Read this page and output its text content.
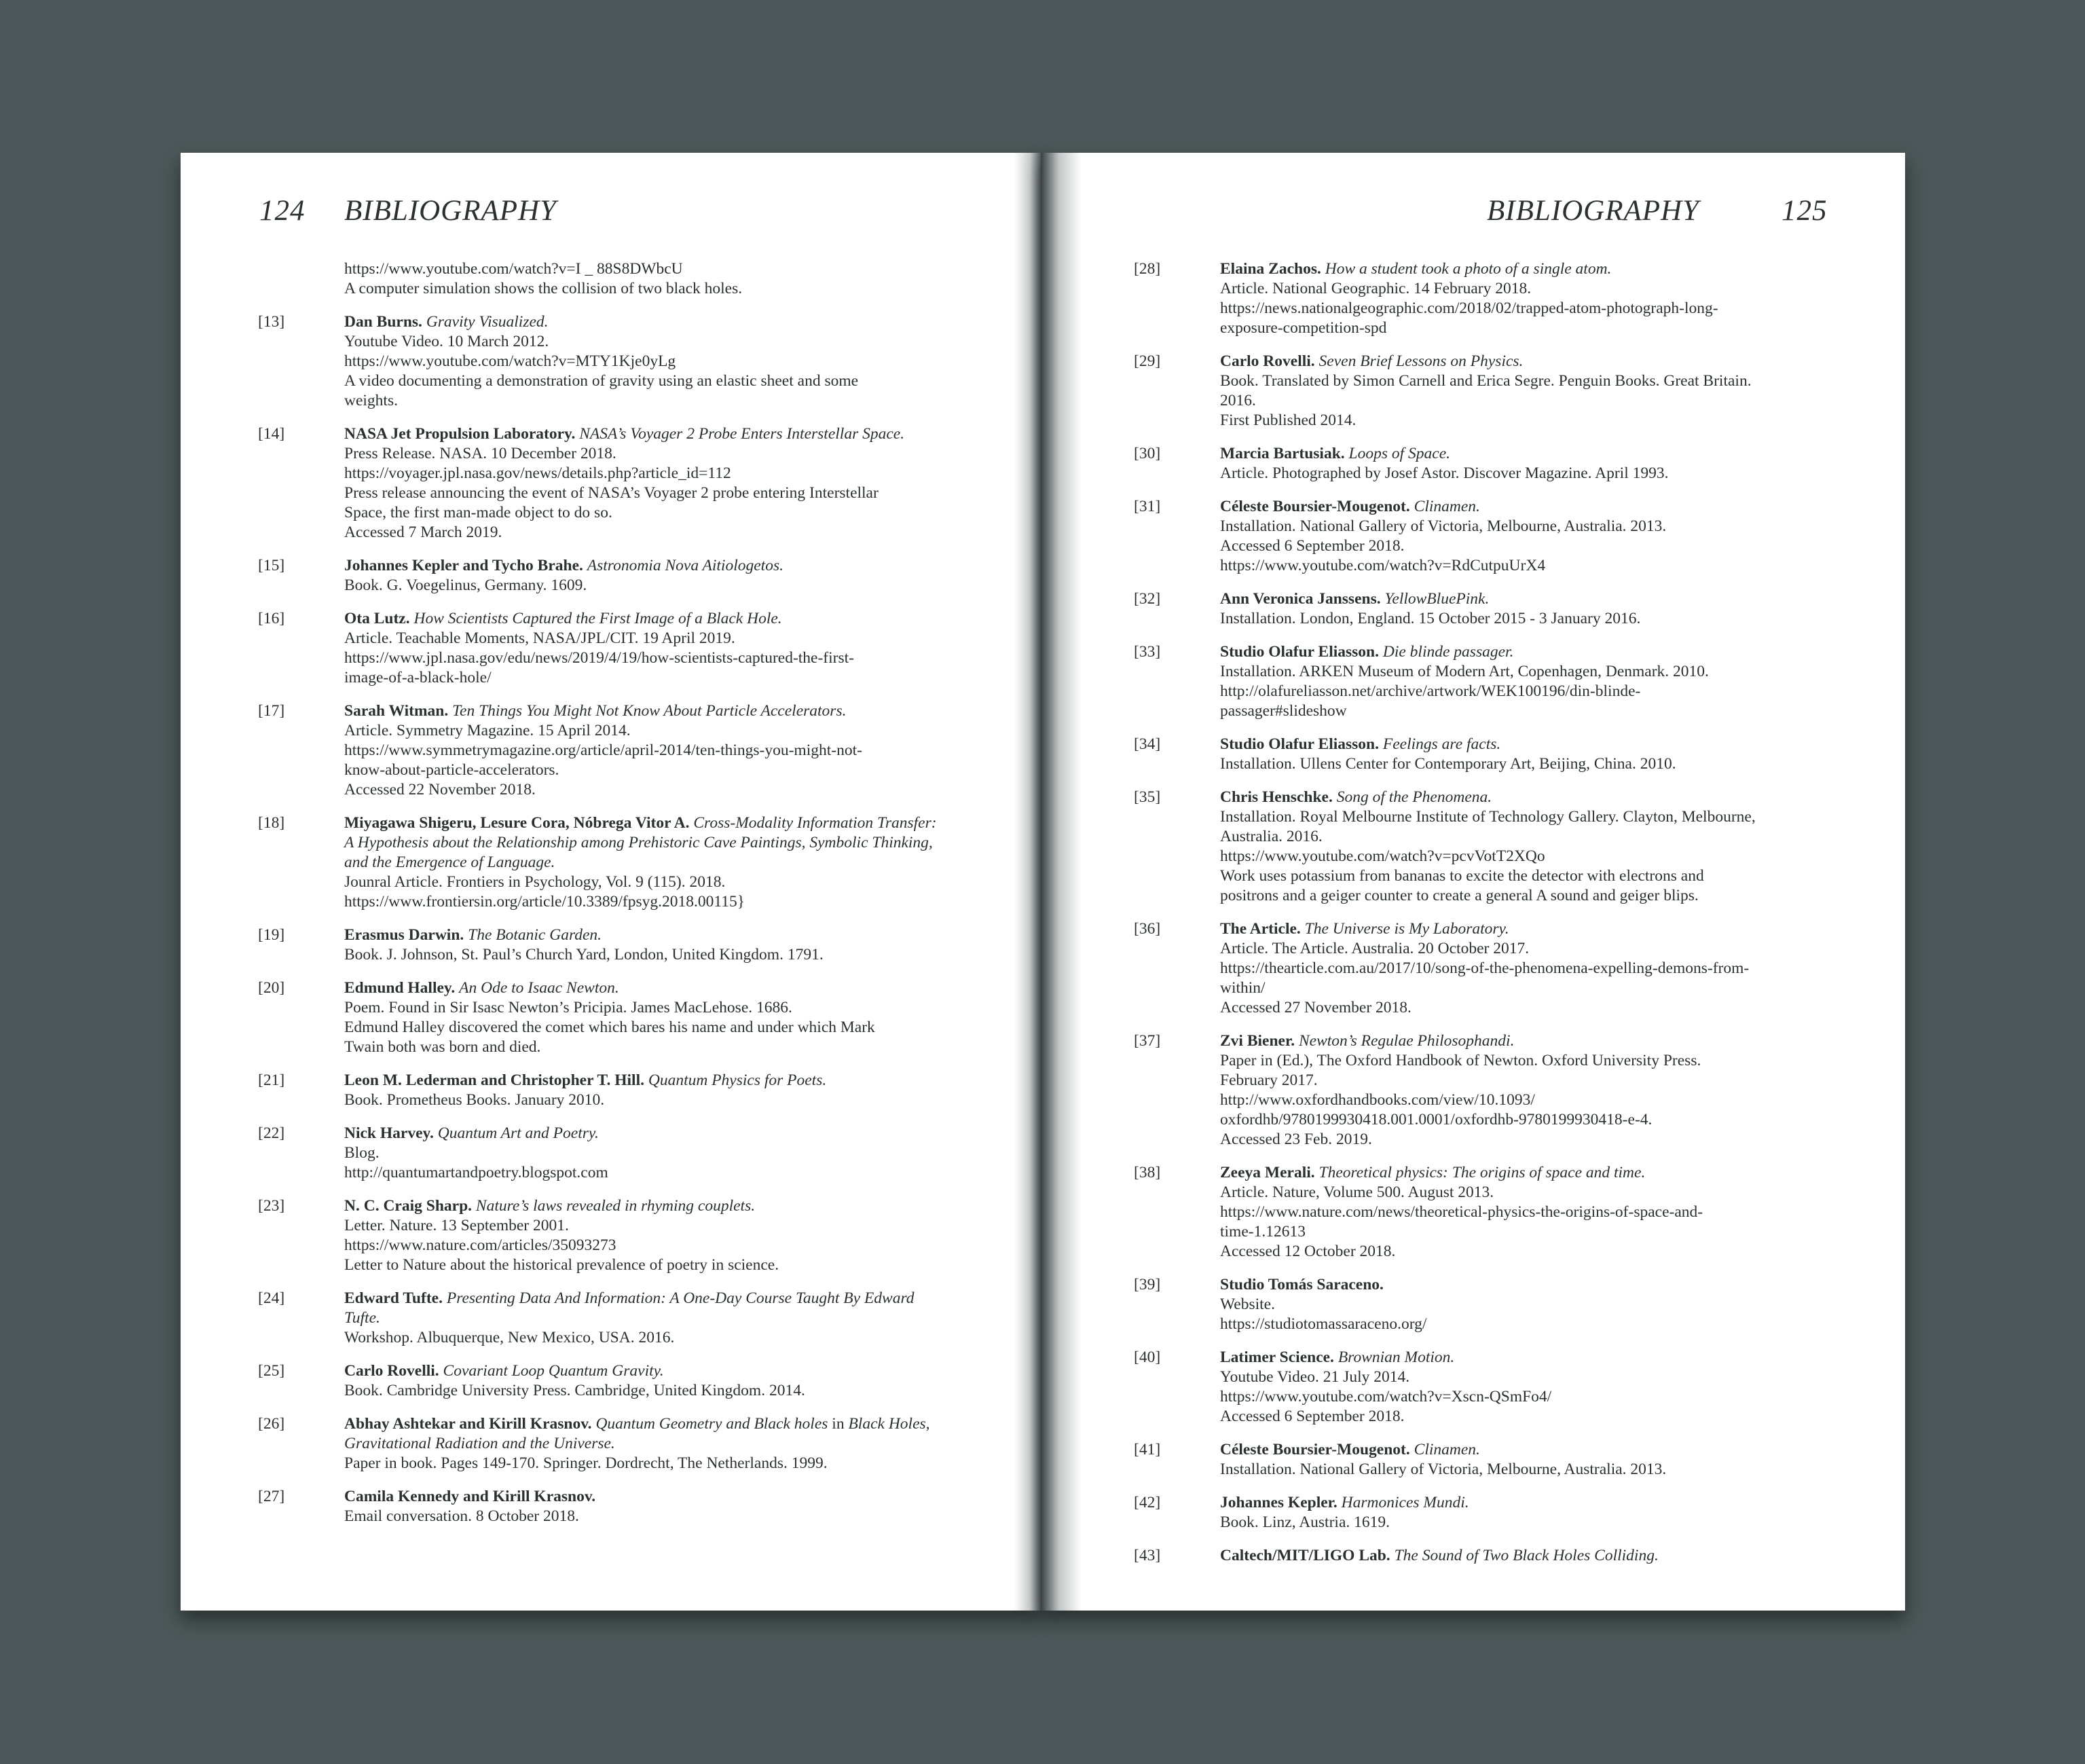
124 BIBLIOGRAPHY	BIBLIOGRAPHY	125
https://www.youtube.com/watch?v=I _ 88S8DWbcU
A computer simulation shows the collision of two black holes.
[13]	Dan Burns. Gravity Visualized.
Youtube Video. 10 March 2012.
https://www.youtube.com/watch?v=MTY1Kje0yLg
A video documenting a demonstration of gravity using an elastic sheet and some
weights.
[14]	NASA Jet Propulsion Laboratory. NASA’s Voyager 2 Probe Enters Interstellar Space.
Press Release. NASA. 10 December 2018.
https://voyager.jpl.nasa.gov/news/details.php?article_id=112
Press release announcing the event of NASA’s Voyager 2 probe entering Interstellar
Space, the first man-made object to do so.
Accessed 7 March 2019.
[15]	Johannes Kepler and Tycho Brahe. Astronomia Nova Aitiologetos.
Book. G. Voegelinus, Germany. 1609.
[16]	Ota Lutz. How Scientists Captured the First Image of a Black Hole.
Article. Teachable Moments, NASA/JPL/CIT. 19 April 2019.
https://www.jpl.nasa.gov/edu/news/2019/4/19/how-scientists-captured-the-first-
image-of-a-black-hole/
[17]	Sarah Witman. Ten Things You Might Not Know About Particle Accelerators.
Article. Symmetry Magazine. 15 April 2014.
https://www.symmetrymagazine.org/article/april-2014/ten-things-you-might-not-
know-about-particle-accelerators.
Accessed 22 November 2018.
[18]	Miyagawa Shigeru, Lesure Cora, Nóbrega Vitor A. Cross-Modality Information Transfer: A Hypothesis about the Relationship among Prehistoric Cave Paintings, Symbolic Thinking, and the Emergence of Language.
Jounral Article. Frontiers in Psychology, Vol. 9 (115). 2018.
https://www.frontiersin.org/article/10.3389/fpsyg.2018.00115}
[19]	Erasmus Darwin. The Botanic Garden.
Book. J. Johnson, St. Paul’s Church Yard, London, United Kingdom. 1791.
[20]	Edmund Halley. An Ode to Isaac Newton.
Poem. Found in Sir Isasc Newton’s Pricipia. James MacLehose. 1686.
Edmund Halley discovered the comet which bares his name and under which Mark
Twain both was born and died.
[21]	Leon M. Lederman and Christopher T. Hill. Quantum Physics for Poets.
Book. Prometheus Books. January 2010.
[22]	Nick Harvey. Quantum Art and Poetry.
Blog.
http://quantumartandpoetry.blogspot.com
[23]	N. C. Craig Sharp. Nature’s laws revealed in rhyming couplets.
Letter. Nature. 13 September 2001.
https://www.nature.com/articles/35093273
Letter to Nature about the historical prevalence of poetry in science.
[24]	Edward Tufte. Presenting Data And Information: A One-Day Course Taught By Edward Tufte.
Workshop. Albuquerque, New Mexico, USA. 2016.
[25]	Carlo Rovelli. Covariant Loop Quantum Gravity.
Book. Cambridge University Press. Cambridge, United Kingdom. 2014.
[26]	Abhay Ashtekar and Kirill Krasnov. Quantum Geometry and Black holes in Black Holes, Gravitational Radiation and the Universe.
Paper in book. Pages 149-170. Springer. Dordrecht, The Netherlands. 1999.
[27]	Camila Kennedy and Kirill Krasnov.
Email conversation. 8 October 2018.
[28]	Elaina Zachos. How a student took a photo of a single atom.
Article. National Geographic. 14 February 2018.
https://news.nationalgeographic.com/2018/02/trapped-atom-photograph-long-
exposure-competition-spd
[29]	Carlo Rovelli. Seven Brief Lessons on Physics.
Book. Translated by Simon Carnell and Erica Segre. Penguin Books. Great Britain.
2016.
First Published 2014.
[30]	Marcia Bartusiak. Loops of Space.
Article. Photographed by Josef Astor. Discover Magazine. April 1993.
[31]	Céleste Boursier-Mougenot. Clinamen.
Installation. National Gallery of Victoria, Melbourne, Australia. 2013.
Accessed 6 September 2018.
https://www.youtube.com/watch?v=RdCutpuUrX4
[32]	Ann Veronica Janssens. YellowBluePink.
Installation. London, England. 15 October 2015 - 3 January 2016.
[33]	Studio Olafur Eliasson. Die blinde passager.
Installation. ARKEN Museum of Modern Art, Copenhagen, Denmark. 2010.
http://olafureliasson.net/archive/artwork/WEK100196/din-blinde-
passager#slideshow
[34]	Studio Olafur Eliasson. Feelings are facts.
Installation. Ullens Center for Contemporary Art, Beijing, China. 2010.
[35]	Chris Henschke. Song of the Phenomena.
Installation. Royal Melbourne Institute of Technology Gallery. Clayton, Melbourne,
Australia. 2016.
https://www.youtube.com/watch?v=pcvVotT2XQo
Work uses potassium from bananas to excite the detector with electrons and
positrons and a geiger counter to create a general A sound and geiger blips.
[36]	The Article. The Universe is My Laboratory.
Article. The Article. Australia. 20 October 2017.
https://thearticle.com.au/2017/10/song-of-the-phenomena-expelling-demons-from-
within/
Accessed 27 November 2018.
[37]	Zvi Biener. Newton’s Regulae Philosophandi.
Paper in (Ed.), The Oxford Handbook of Newton. Oxford University Press.
February 2017.
http://www.oxfordhandbooks.com/view/10.1093/
oxfordhb/9780199930418.001.0001/oxfordhb-9780199930418-e-4.
Accessed 23 Feb. 2019.
[38]	Zeeya Merali. Theoretical physics: The origins of space and time.
Article. Nature, Volume 500. August 2013.
https://www.nature.com/news/theoretical-physics-the-origins-of-space-and-
time-1.12613
Accessed 12 October 2018.
[39]	Studio Tomás Saraceno.
Website.
https://studiotomassaraceno.org/
[40]	Latimer Science. Brownian Motion.
Youtube Video. 21 July 2014.
https://www.youtube.com/watch?v=Xscn-QSmFo4/
Accessed 6 September 2018.
[41]	Céleste Boursier-Mougenot. Clinamen.
Installation. National Gallery of Victoria, Melbourne, Australia. 2013.
[42]	Johannes Kepler. Harmonices Mundi.
Book. Linz, Austria. 1619.
[43]	Caltech/MIT/LIGO Lab. The Sound of Two Black Holes Colliding.
